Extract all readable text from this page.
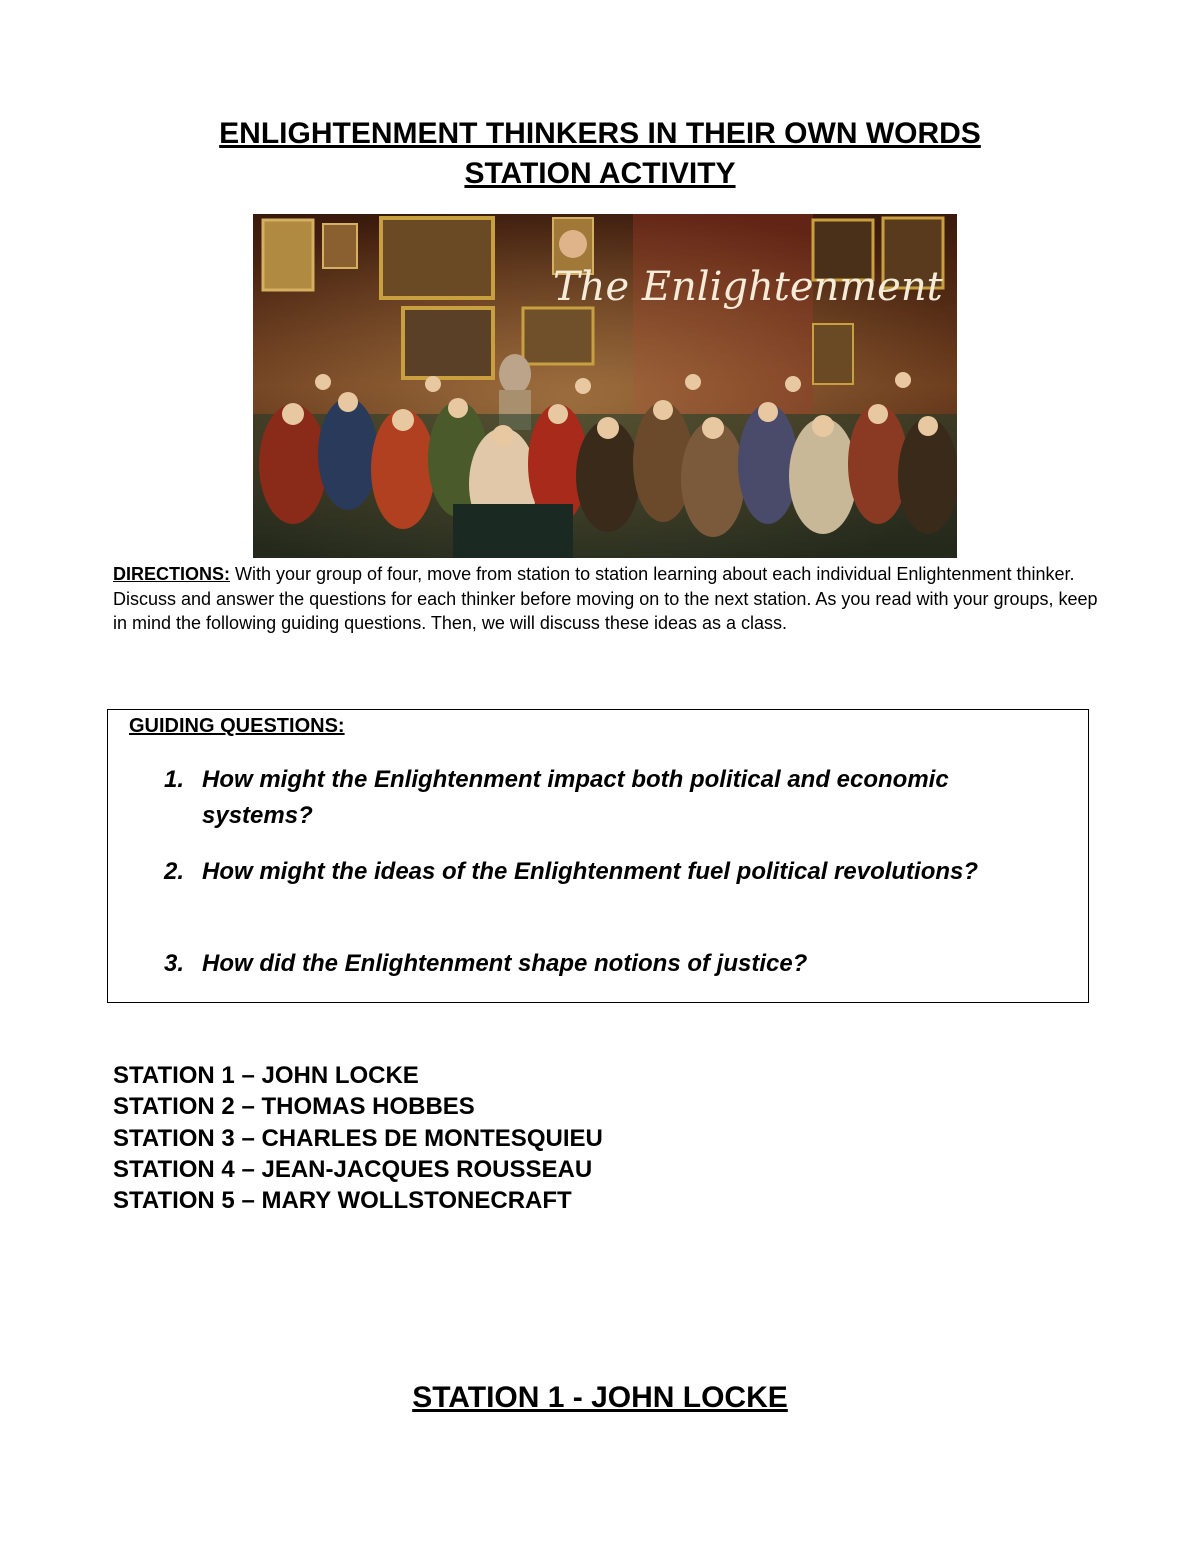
ENLIGHTENMENT THINKERS IN THEIR OWN WORDS
STATION ACTIVITY
The Enlightenment
DIRECTIONS: With your group of four, move from station to station learning about each individual Enlightenment thinker. Discuss and answer the questions for each thinker before moving on to the next station. As you read with your groups, keep in mind the following guiding questions. Then, we will discuss these ideas as a class.
GUIDING QUESTIONS:
1. How might the Enlightenment impact both political and economic systems?
2. How might the ideas of the Enlightenment fuel political revolutions?
3. How did the Enlightenment shape notions of justice?
STATION 1 – JOHN LOCKE
STATION 2 – THOMAS HOBBES
STATION 3 – CHARLES DE MONTESQUIEU
STATION 4 – JEAN-JACQUES ROUSSEAU
STATION 5 – MARY WOLLSTONECRAFT
STATION 1 - JOHN LOCKE
